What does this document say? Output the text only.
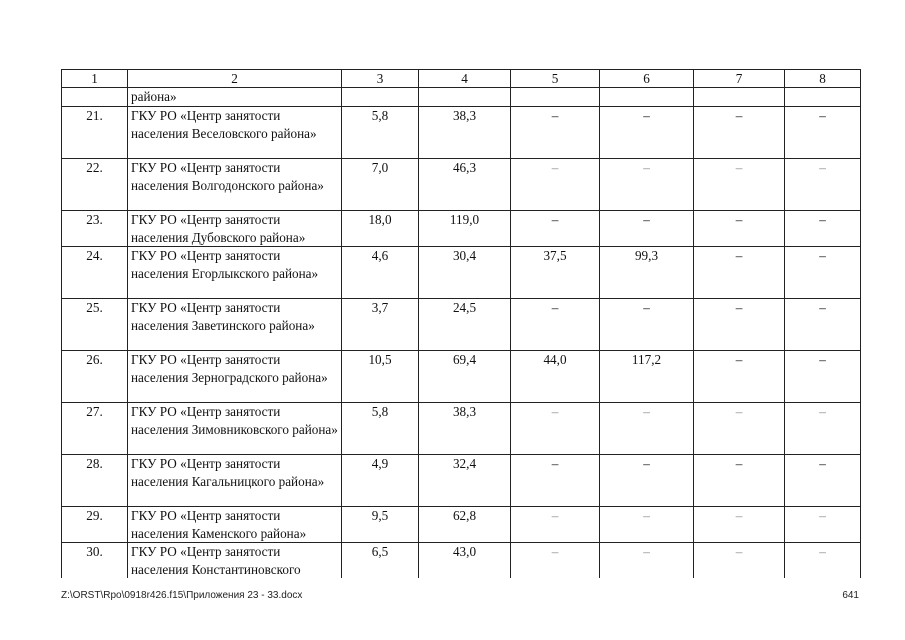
1	2	3	4	5	6	7	8
	района»						
21.	ГКУ РО «Центр занятости населения Веселовского района»	5,8	38,3	–	–	–	–
22.	ГКУ РО «Центр занятости населения Волгодонского района»	7,0	46,3	–	–	–	–
23.	ГКУ РО «Центр занятости населения Дубовского района»	18,0	119,0	–	–	–	–
24.	ГКУ РО «Центр занятости населения Егорлыкского района»	4,6	30,4	37,5	99,3	–	–
25.	ГКУ РО «Центр занятости населения Заветинского района»	3,7	24,5	–	–	–	–
26.	ГКУ РО «Центр занятости населения Зерноградского района»	10,5	69,4	44,0	117,2	–	–
27.	ГКУ РО «Центр занятости населения Зимовниковского района»	5,8	38,3	–	–	–	–
28.	ГКУ РО «Центр занятости населения Кагальницкого района»	4,9	32,4	–	–	–	–
29.	ГКУ РО «Центр занятости населения Каменского района»	9,5	62,8	–	–	–	–
30.	ГКУ РО «Центр занятости населения Константиновского	6,5	43,0	–	–	–	–
Z:\ORST\Rpo\0918r426.f15\Приложения 23 - 33.docx	641
